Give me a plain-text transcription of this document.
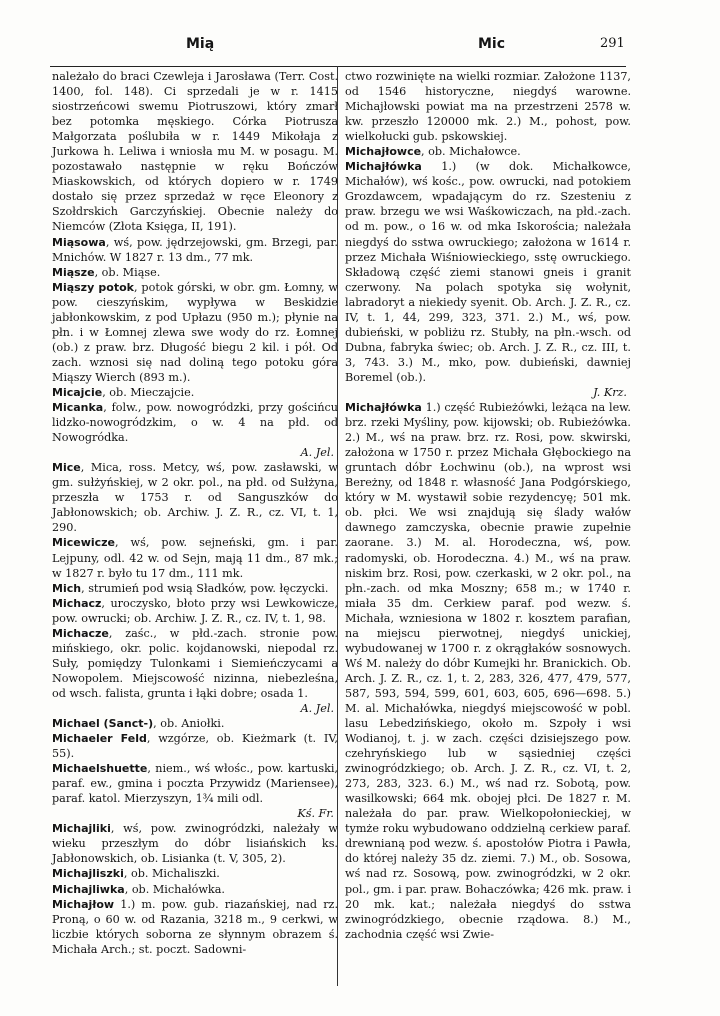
Mią	Mic	291

należało do braci Czewleja i Jarosława (Terr. Cost. 1400, fol. 148). Ci sprzedali je w r. 1415 siostrzeńcowi swemu Piotruszowi, który zmarł bez potomka męskiego. Córka Piotrusza Małgorzata poślubiła w r. 1449 Mikołaja z Jurkowa h. Leliwa i wniosła mu M. w posagu. M. pozostawało następnie w ręku Bończów Miaskowskich, od których dopiero w r. 1749 dostało się przez sprzedaż w ręce Eleonory z Szołdrskich Garczyńskiej. Obecnie należy do Niemców (Złota Księga, II, 191).

Miąsowa, wś, pow. jędrzejowski, gm. Brzegi, par. Mnichów. W 1827 r. 13 dm., 77 mk.

Miąsze, ob. Miąse.

Miąszy potok, potok górski, w obr. gm. Łomny, w pow. cieszyńskim, wypływa w Beskidzie jabłonkowskim, z pod Upłazu (950 m.); płynie na płn. i w Łomnej zlewa swe wody do rz. Łomnej (ob.) z praw. brz. Długość biegu 2 kil. i pół. Od zach. wznosi się nad doliną tego potoku góra Miąszy Wierch (893 m.).

Micajcie, ob. Mieczajcie.

Micanka, folw., pow. nowogródzki, przy gościńcu lidzko-nowogródzkim, o w. 4 na płd. od Nowogródka.
A. Jel.

Mice, Mica, ross. Metcy, wś, pow. zasławski, w gm. sułżyńskiej, w 2 okr. pol., na płd. od Sułżyna, przeszła w 1753 r. od Sanguszków do Jabłonowskich; ob. Archiw. J. Z. R., cz. VI, t. 1, 290.

Micewicze, wś, pow. sejneński, gm. i par. Lejpuny, odl. 42 w. od Sejn, mają 11 dm., 87 mk.; w 1827 r. było tu 17 dm., 111 mk.

Mich, strumień pod wsią Sładków, pow. łęczycki.

Michacz, uroczysko, błoto przy wsi Lewkowicze, pow. owrucki; ob. Archiw. J. Z. R., cz. IV, t. 1, 98.

Michacze, zaśc., w płd.-zach. stronie pow. mińskiego, okr. polic. kojdanowski, niepodal rz. Suły, pomiędzy Tulonkami i Siemieńczycami a Nowopolem. Miejscowość nizinna, niebezleśna, od wsch. falista, grunta i łąki dobre; osada 1.
A. Jel.

Michael (Sanct-), ob. Aniołki.

Michaeler Feld, wzgórze, ob. Kieżmark (t. IV, 55).

Michaelshuette, niem., wś włośc., pow. kartuski, paraf. ew., gmina i poczta Przywidz (Mariensee), paraf. katol. Mierzyszyn, 1¾ mili odl.
Kś. Fr.

Michajliki, wś, pow. zwinogródzki, należały w wieku przeszłym do dóbr lisiańskich ks. Jabłonowskich, ob. Lisianka (t. V, 305, 2).

Michajliszki, ob. Michaliszki.

Michajliwka, ob. Michałówka.

Michajłow 1.) m. pow. gub. riazańskiej, nad rz. Proną, o 60 w. od Razania, 3218 m., 9 cerkwi, w liczbie których soborna ze słynnym obrazem ś. Michała Arch.; st. poczt. Sadowni-

ctwo rozwinięte na wielki rozmiar. Założone 1137, od 1546 historyczne, niegdyś warowne. Michajłowski powiat ma na przestrzeni 2578 w. kw. przeszło 120000 mk. 2.) M., pohost, pow. wielkołucki gub. pskowskiej.

Michajłowce, ob. Michałowce.

Michajłówka 1.) (w dok. Michałkowce, Michałów), wś kośc., pow. owrucki, nad potokiem Grozdawcem, wpadającym do rz. Szesteniu z praw. brzegu we wsi Waśkowiczach, na płd.-zach. od m. pow., o 16 w. od mka Iskorościa; należała niegdyś do sstwa owruckiego; założona w 1614 r. przez Michała Wiśniowieckiego, sstę owruckiego. Składową część ziemi stanowi gneis i granit czerwony. Na polach spotyka się wołynit, labradoryt a niekiedy syenit. Ob. Arch. J. Z. R., cz. IV, t. 1, 44, 299, 323, 371. 2.) M., wś, pow. dubieński, w pobliżu rz. Stubły, na płn.-wsch. od Dubna, fabryka świec; ob. Arch. J. Z. R., cz. III, t. 3, 743. 3.) M., mko, pow. dubieński, dawniej Boremel (ob.).
J. Krz.

Michajłówka 1.) część Rubieżówki, leżąca na lew. brz. rzeki Myśliny, pow. kijowski; ob. Rubieżówka. 2.) M., wś na praw. brz. rz. Rosi, pow. skwirski, założona w 1750 r. przez Michała Głębockiego na gruntach dóbr Łochwinu (ob.), na wprost wsi Bereżny, od 1848 r. własność Jana Podgórskiego, który w M. wystawił sobie rezydencyę; 501 mk. ob. płci. We wsi znajdują się ślady wałów dawnego zamczyska, obecnie prawie zupełnie zaorane. 3.) M. al. Horodeczna, wś, pow. radomyski, ob. Horodeczna. 4.) M., wś na praw. niskim brz. Rosi, pow. czerkaski, w 2 okr. pol., na płn.-zach. od mka Moszny; 658 m.; w 1740 r. miała 35 dm. Cerkiew paraf. pod wezw. ś. Michała, wzniesiona w 1802 r. kosztem parafian, na miejscu pierwotnej, niegdyś unickiej, wybudowanej w 1700 r. z okrągłaków sosnowych. Wś M. należy do dóbr Kumejki hr. Branickich. Ob. Arch. J. Z. R., cz. 1, t. 2, 283, 326, 477, 479, 577, 587, 593, 594, 599, 601, 603, 605, 696—698. 5.) M. al. Michałówka, niegdyś miejscowość w pobl. lasu Lebedzińskiego, około m. Szpoły i wsi Wodianoj, t. j. w zach. części dzisiejszego pow. czehryńskiego lub w sąsiedniej części zwinogródzkiego; ob. Arch. J. Z. R., cz. VI, t. 2, 273, 283, 323. 6.) M., wś nad rz. Sobotą, pow. wasilkowski; 664 mk. obojej płci. De 1827 r. M. należała do par. praw. Wielkopołonieckiej, w tymże roku wybudowano oddzielną cerkiew paraf. drewnianą pod wezw. ś. apostołów Piotra i Pawła, do której należy 35 dz. ziemi. 7.) M., ob. Sosowa, wś nad rz. Sosową, pow. zwinogródzki, w 2 okr. pol., gm. i par. praw. Bohaczówka; 426 mk. praw. i 20 mk. kat.; należała niegdyś do sstwa zwinogródzkiego, obecnie rządowa. 8.) M., zachodnia część wsi Zwie-
